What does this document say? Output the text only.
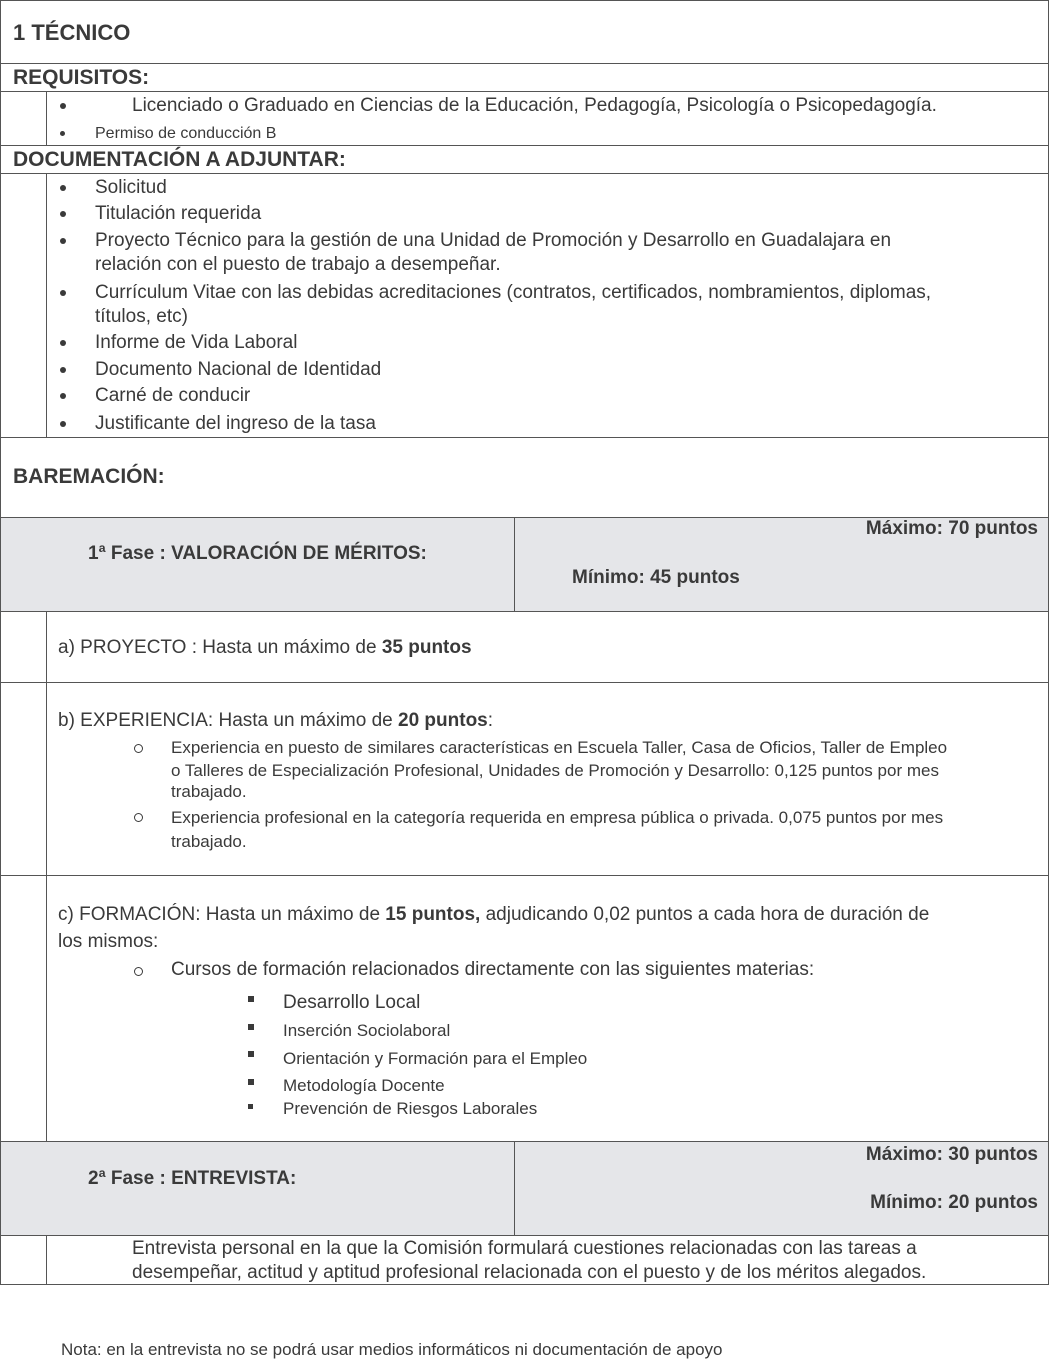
1 TÉCNICO
REQUISITOS:
Licenciado o Graduado en Ciencias de la Educación, Pedagogía, Psicología o Psicopedagogía.
Permiso de conducción B
DOCUMENTACIÓN A ADJUNTAR:
Solicitud
Titulación requerida
Proyecto Técnico para la gestión de una Unidad de Promoción y Desarrollo en Guadalajara en
relación con el puesto de trabajo a desempeñar.
Currículum Vitae con las debidas acreditaciones (contratos, certificados, nombramientos, diplomas,
títulos, etc)
Informe de Vida Laboral
Documento Nacional de Identidad
Carné de conducir
Justificante del ingreso de la tasa
BAREMACIÓN:
1ª Fase : VALORACIÓN DE MÉRITOS:
Máximo: 70 puntos
Mínimo: 45 puntos
a) PROYECTO : Hasta un máximo de 35 puntos
b) EXPERIENCIA: Hasta un máximo de 20 puntos:
Experiencia en puesto de similares características en Escuela Taller, Casa de Oficios, Taller de Empleo
o Talleres de Especialización Profesional, Unidades de Promoción y Desarrollo: 0,125 puntos por mes
trabajado.
Experiencia profesional en la categoría requerida en empresa pública o privada. 0,075 puntos por mes
trabajado.
c) FORMACIÓN: Hasta un máximo de 15 puntos, adjudicando 0,02 puntos a cada hora de duración de
los mismos:
Cursos de formación relacionados directamente con las siguientes materias:
Desarrollo Local
Inserción Sociolaboral
Orientación y Formación para el Empleo
Metodología Docente
Prevención de Riesgos Laborales
2ª Fase : ENTREVISTA:
Máximo: 30 puntos
Mínimo: 20 puntos
Entrevista personal en la que la Comisión formulará cuestiones relacionadas con las tareas a
desempeñar, actitud y aptitud profesional relacionada con el puesto y de los méritos alegados.
Nota: en la entrevista no se podrá usar medios informáticos ni documentación de apoyo
